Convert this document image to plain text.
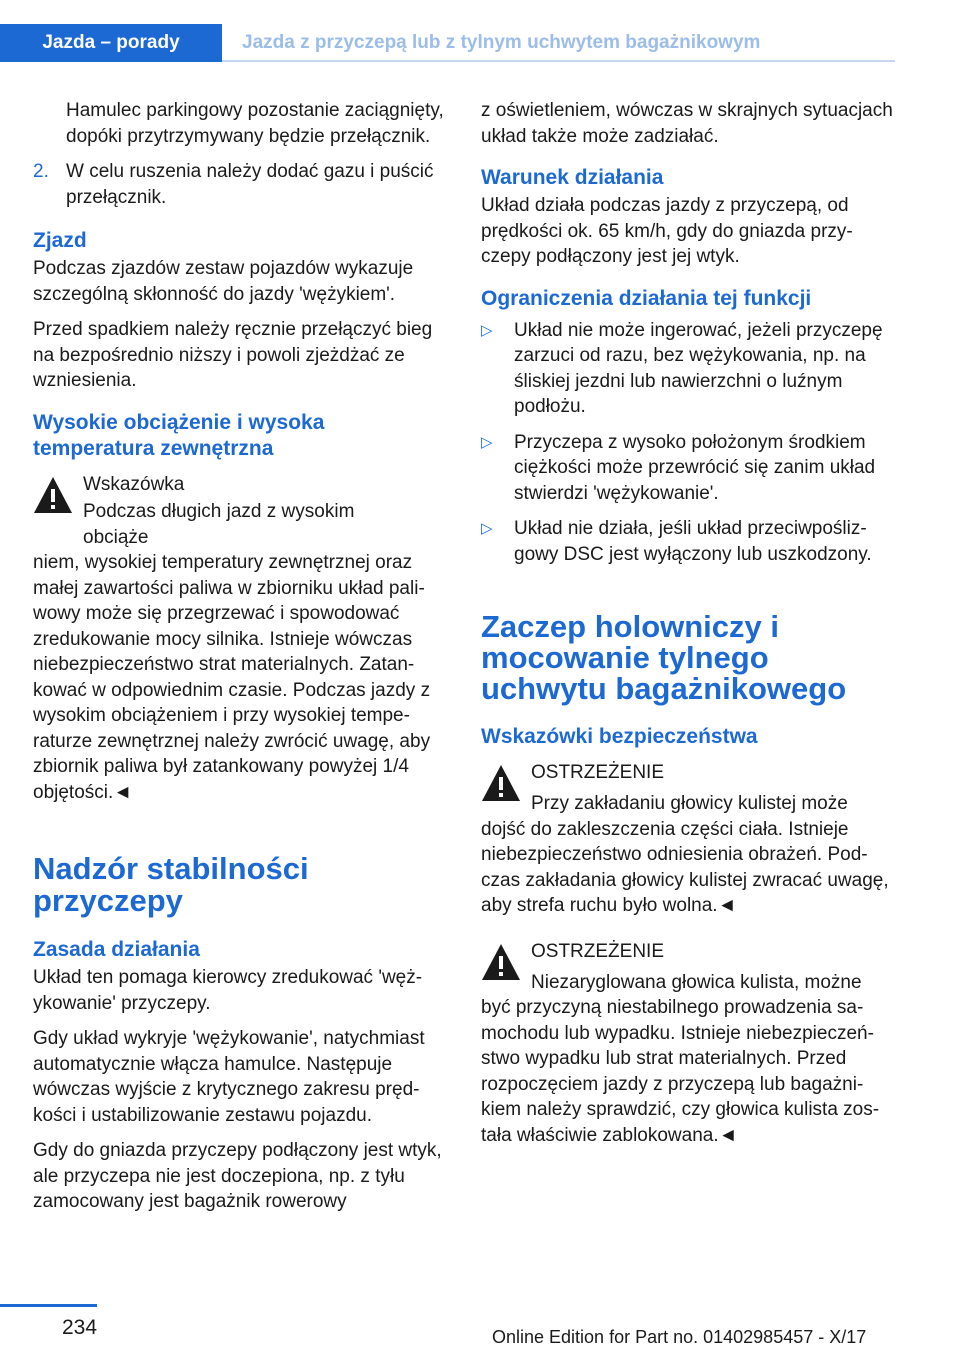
Jazda – porady	Jazda z przyczepą lub z tylnym uchwytem bagażnikowym

Hamulec parkingowy pozostanie zaciągnięty, dopóki przytrzymywany będzie przełącznik.

2. W celu ruszenia należy dodać gazu i puścić przełącznik.
Zjazd

Podczas zjazdów zestaw pojazdów wykazuje szczególną skłonność do jazdy 'wężykiem'.

Przed spadkiem należy ręcznie przełączyć bieg na bezpośrednio niższy i powoli zjeżdżać ze wzniesienia.

Wysokie obciążenie i wysoka temperatura zewnętrzna
Wskazówka
Podczas długich jazd z wysokim obciąże

niem, wysokiej temperatury zewnętrznej oraz małej zawartości paliwa w zbiorniku układ paliwowy może się przegrzewać i spowodować zredukowanie mocy silnika. Istnieje wówczas niebezpieczeństwo strat materialnych. Zatankować w odpowiednim czasie. Podczas jazdy z wysokim obciążeniem i przy wysokiej temperaturze zewnętrznej należy zwrócić uwagę, aby zbiornik paliwa był zatankowany powyżej 1/4 objętości.◄

Nadzór stabilności przyczepy
Zasada działania

Układ ten pomaga kierowcy zredukować 'wężykowanie' przyczepy.

Gdy układ wykryje 'wężykowanie', natychmiast automatycznie włącza hamulce. Następuje wówczas wyjście z krytycznego zakresu prędkości i ustabilizowanie zestawu pojazdu.

Gdy do gniazda przyczepy podłączony jest wtyk, ale przyczepa nie jest doczepiona, np. z tyłu zamocowany jest bagażnik rowerowy

z oświetleniem, wówczas w skrajnych sytuacjach układ także może zadziałać.

Warunek działania

Układ działa podczas jazdy z przyczepą, od prędkości ok. 65 km/h, gdy do gniazda przyczepy podłączony jest jej wtyk.

Ograniczenia działania tej funkcji
▷	Układ nie może ingerować, jeżeli przyczepę zarzuci od razu, bez wężykowania, np. na śliskiej jezdni lub nawierzchni o luźnym podłożu.
▷	Przyczepa z wysoko położonym środkiem ciężkości może przewrócić się zanim układ stwierdzi 'wężykowanie'.
▷	Układ nie działa, jeśli układ przeciwpoślizgowy DSC jest wyłączony lub uszkodzony.
Zaczep holowniczy i mocowanie tylnego uchwytu bagażnikowego
Wskazówki bezpieczeństwa
OSTRZEŻENIE

Przy zakładaniu głowicy kulistej może dojść do zakleszczenia części ciała. Istnieje niebezpieczeństwo odniesienia obrażeń. Podczas zakładania głowicy kulistej zwracać uwagę, aby strefa ruchu było wolna.◄

OSTRZEŻENIE

Niezaryglowana głowica kulista, możne być przyczyną niestabilnego prowadzenia samochodu lub wypadku. Istnieje niebezpieczeństwo wypadku lub strat materialnych. Przed rozpoczęciem jazdy z przyczepą lub bagażnikiem należy sprawdzić, czy głowica kulista została właściwie zablokowana.◄

234	Online Edition for Part no. 01402985457 - X/17
